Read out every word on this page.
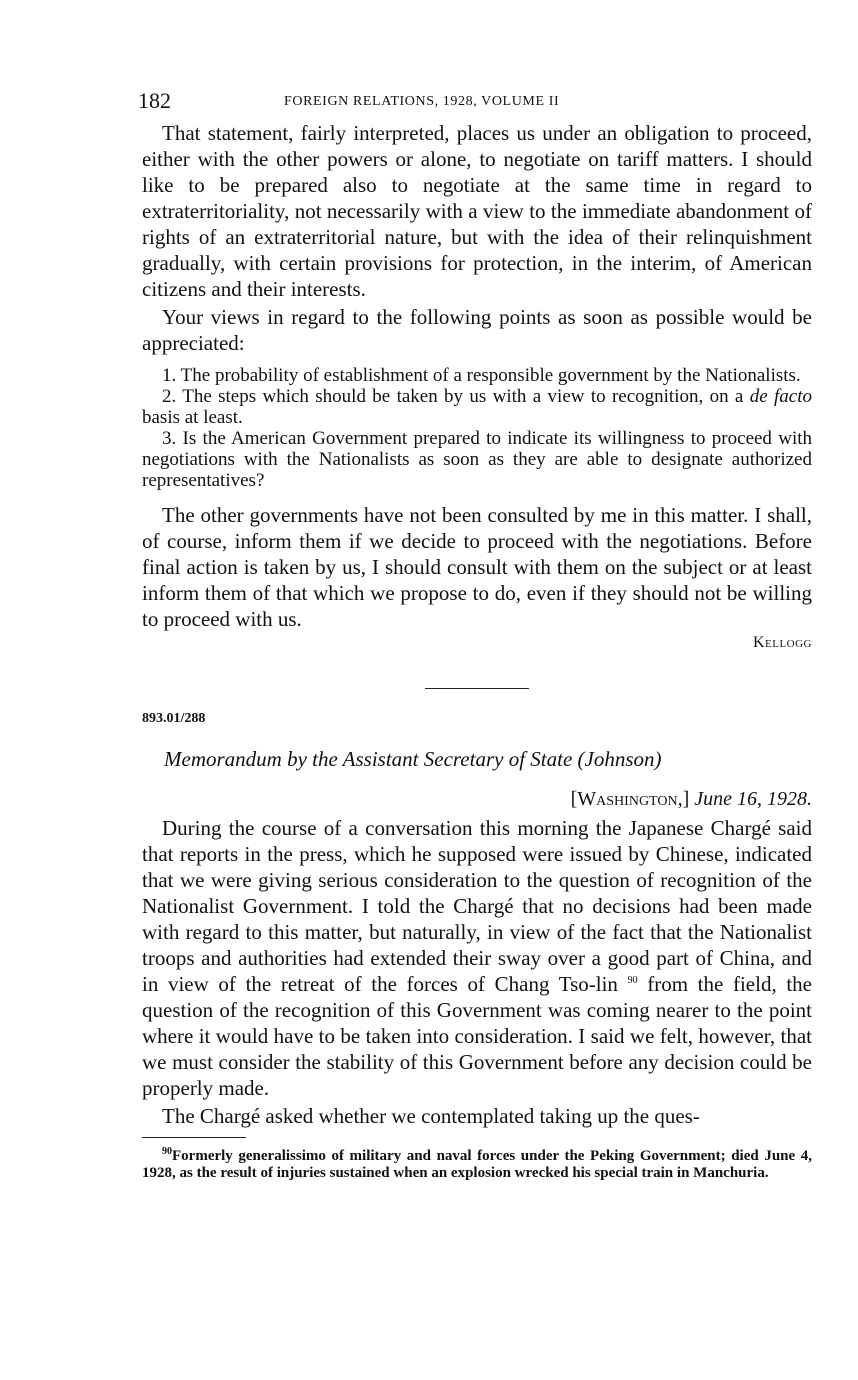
182	FOREIGN RELATIONS, 1928, VOLUME II

That statement, fairly interpreted, places us under an obligation to proceed, either with the other powers or alone, to negotiate on tariff matters. I should like to be prepared also to negotiate at the same time in regard to extraterritoriality, not necessarily with a view to the immediate abandonment of rights of an extraterritorial nature, but with the idea of their relinquishment gradually, with certain provisions for protection, in the interim, of American citizens and their interests.

Your views in regard to the following points as soon as possible would be appreciated:

1. The probability of establishment of a responsible government by the Nationalists.

2. The steps which should be taken by us with a view to recognition, on a de facto basis at least.

3. Is the American Government prepared to indicate its willingness to proceed with negotiations with the Nationalists as soon as they are able to designate authorized representatives?

The other governments have not been consulted by me in this matter. I shall, of course, inform them if we decide to proceed with the negotiations. Before final action is taken by us, I should consult with them on the subject or at least inform them of that which we propose to do, even if they should not be willing to proceed with us.

Kellogg
893.01/288
Memorandum by the Assistant Secretary of State (Johnson)
[Washington,] June 16, 1928.

During the course of a conversation this morning the Japanese Chargé said that reports in the press, which he supposed were issued by Chinese, indicated that we were giving serious consideration to the question of recognition of the Nationalist Government. I told the Chargé that no decisions had been made with regard to this matter, but naturally, in view of the fact that the Nationalist troops and authorities had extended their sway over a good part of China, and in view of the retreat of the forces of Chang Tso-lin $^{90}$ from the field, the question of the recognition of this Government was coming nearer to the point where it would have to be taken into consideration. I said we felt, however, that we must consider the stability of this Government before any decision could be properly made.

The Chargé asked whether we contemplated taking up the ques-

$^{90}$Formerly generalissimo of military and naval forces under the Peking Government; died June 4, 1928, as the result of injuries sustained when an explosion wrecked his special train in Manchuria.
